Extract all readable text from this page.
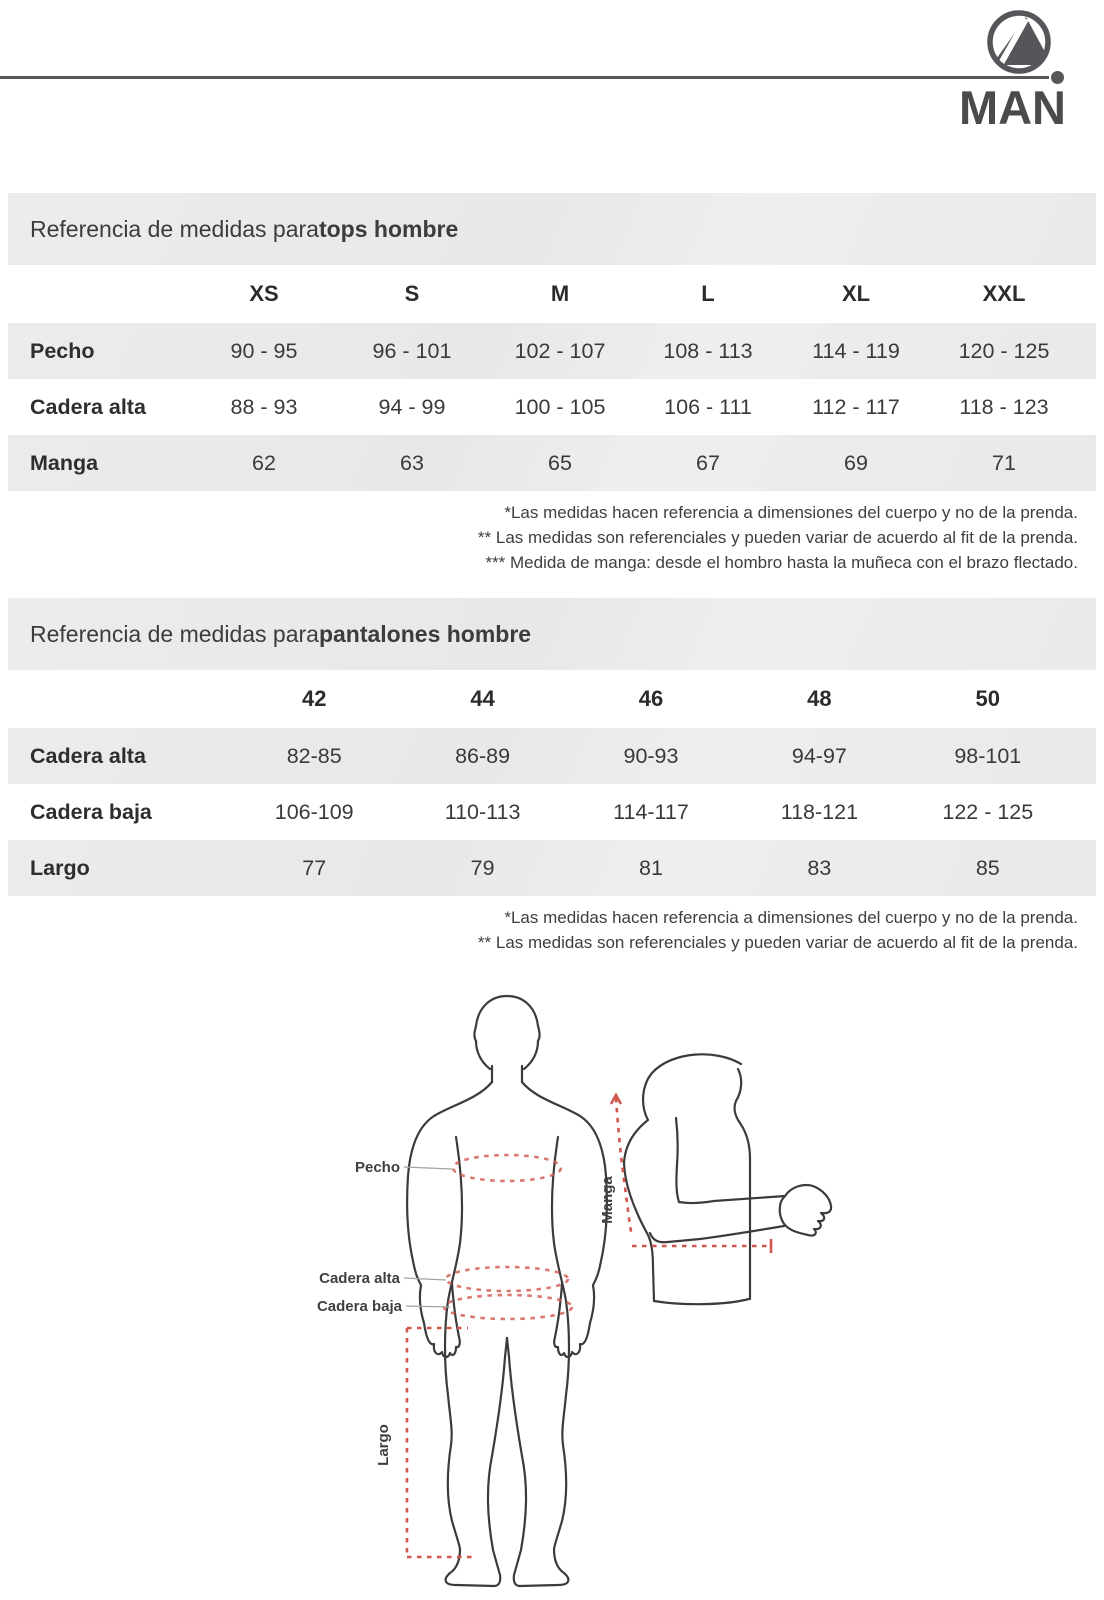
MAN
Referencia de medidas para tops hombre
XS	S	M	L	XL	XXL
Pecho	90 - 95	96 - 101	102 - 107	108 - 113	114 - 119	120 - 125
Cadera alta	88 - 93	94 - 99	100 - 105	106 - 111	112 - 117	118 - 123
Manga	62	63	65	67	69	71
*Las medidas hacen referencia a dimensiones del cuerpo y no de la prenda.
** Las medidas son referenciales y pueden variar de acuerdo al fit de la prenda.
*** Medida de manga: desde el hombro hasta la muñeca con el brazo flectado.
Referencia de medidas para pantalones hombre
42	44	46	48	50
Cadera alta	82-85	86-89	90-93	94-97	98-101
Cadera baja	106-109	110-113	114-117	118-121	122 - 125
Largo	77	79	81	83	85
*Las medidas hacen referencia a dimensiones del cuerpo y no de la prenda.
** Las medidas son referenciales y pueden variar de acuerdo al fit de la prenda.
Pecho
Cadera alta
Cadera baja
Largo
Manga
